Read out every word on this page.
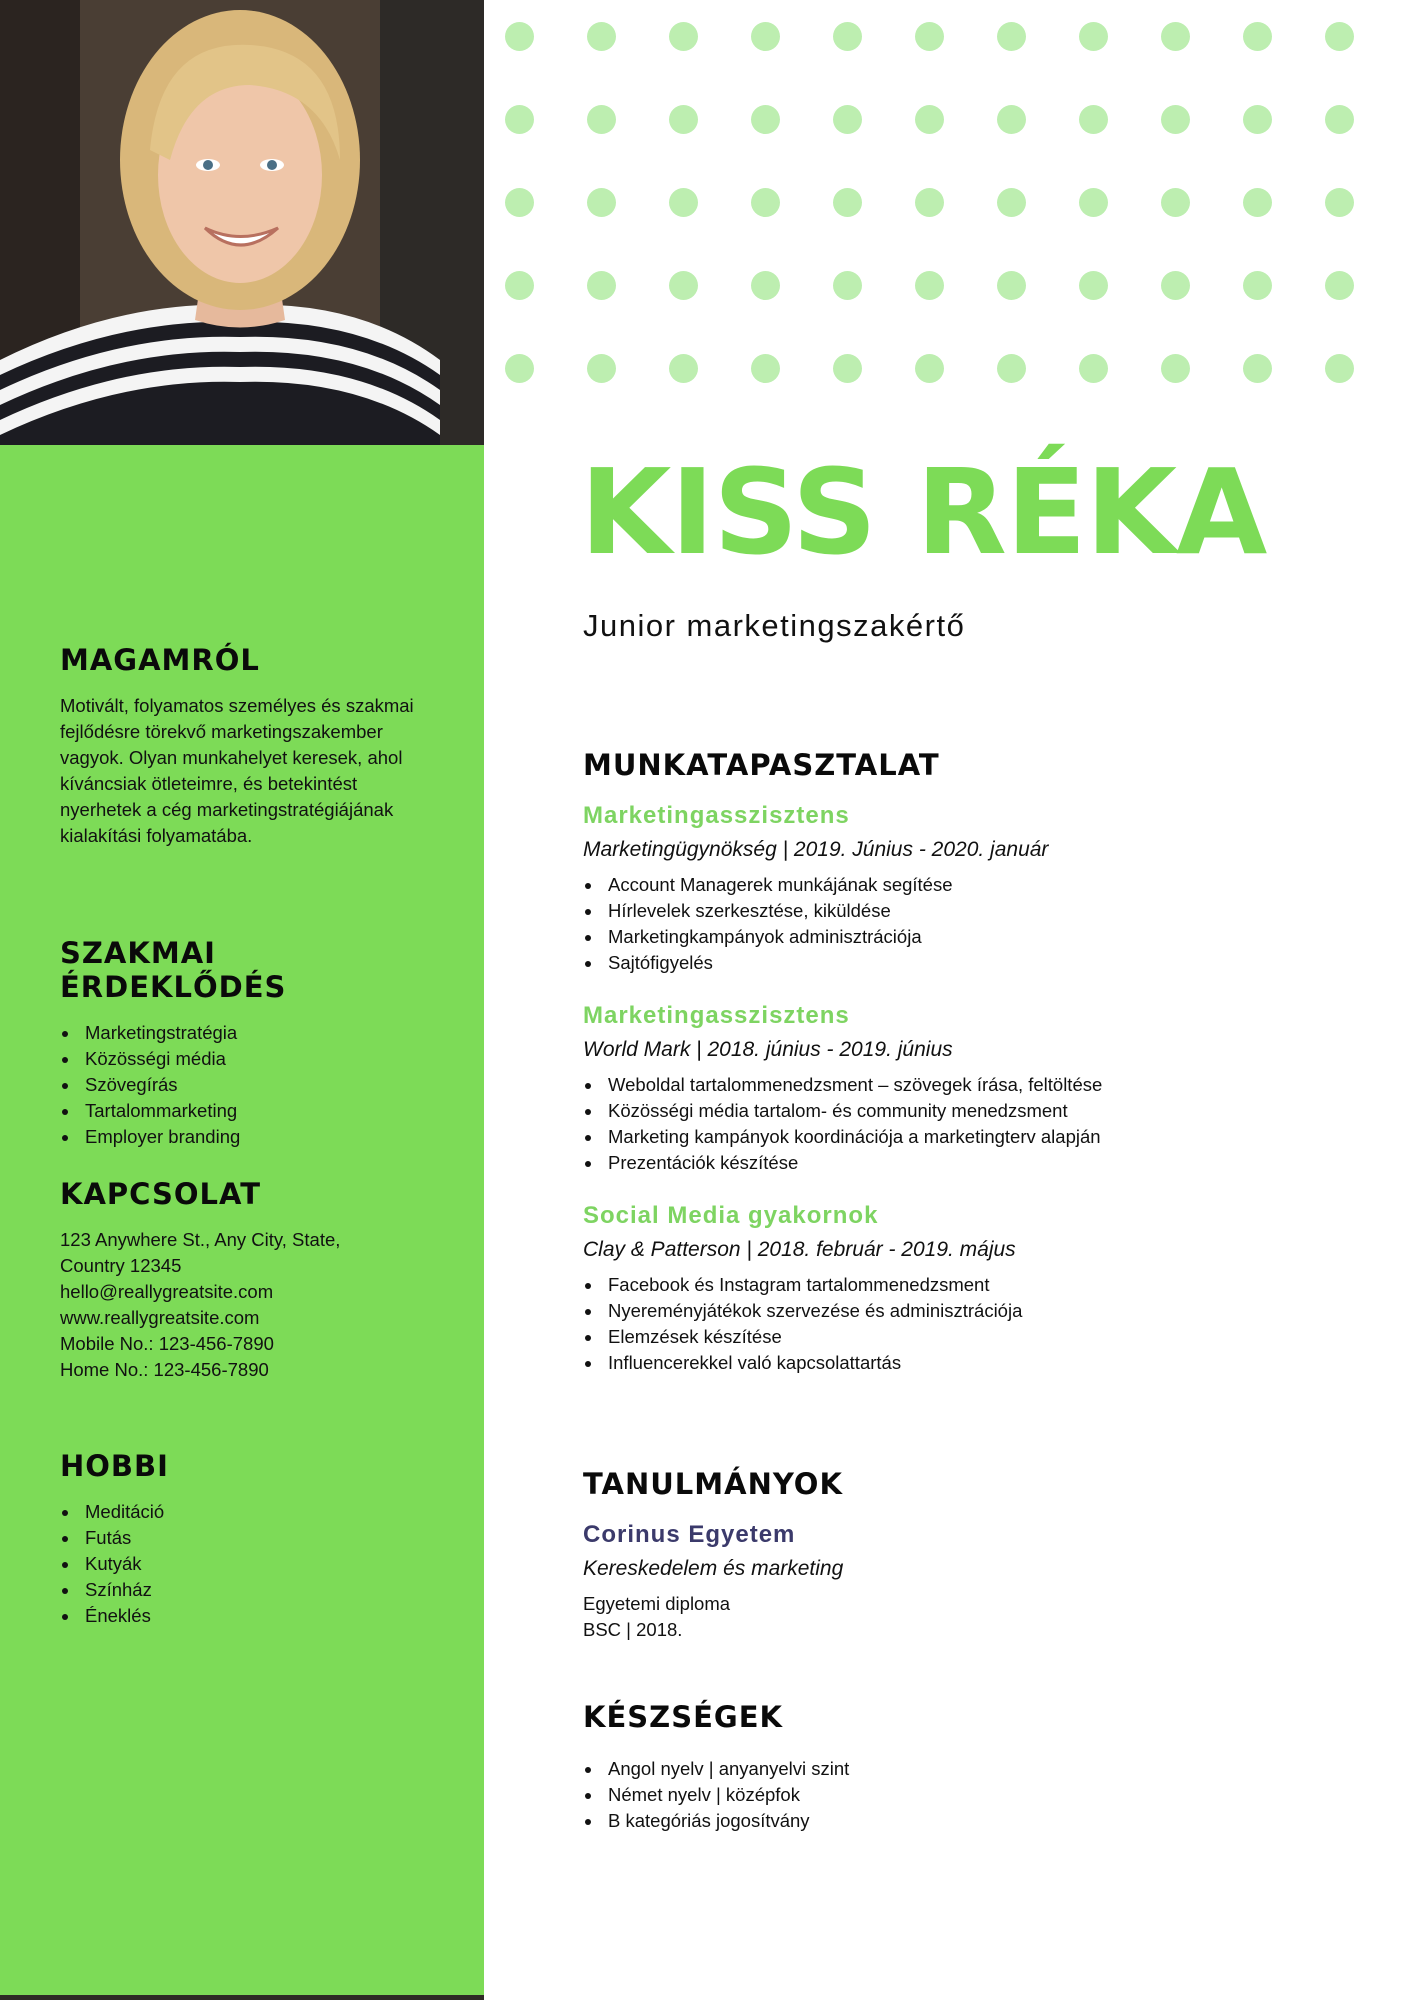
MAGAMRÓL

Motivált, folyamatos személyes és szakmai fejlődésre törekvő marketingszakember vagyok. Olyan munkahelyet keresek, ahol kíváncsiak ötleteimre, és betekintést nyerhetek a cég marketingstratégiájának kialakítási folyamatába.

SZAKMAI ÉRDEKLŐDÉS
Marketingstratégia
Közösségi média
Szövegírás
Tartalommarketing
Employer branding
KAPCSOLAT

123 Anywhere St., Any City, State,

Country 12345

hello@reallygreatsite.com

www.reallygreatsite.com

Mobile No.: 123-456-7890

Home No.: 123-456-7890

HOBBI
Meditáció
Futás
Kutyák
Színház
Éneklés
KISS RÉKA
Junior marketingszakértő
MUNKATAPASZTALAT

Marketingasszisztens

Marketingügynökség | 2019. Június - 2020. január

Account Managerek munkájának segítése
Hírlevelek szerkesztése, kiküldése
Marketingkampányok adminisztrációja
Sajtófigyelés

Marketingasszisztens

World Mark | 2018. június - 2019. június

Weboldal tartalommenedzsment – szövegek írása, feltöltése
Közösségi média tartalom- és community menedzsment
Marketing kampányok koordinációja a marketingterv alapján
Prezentációk készítése

Social Media gyakornok

Clay & Patterson | 2018. február - 2019. május

Facebook és Instagram tartalommenedzsment
Nyereményjátékok szervezése és adminisztrációja
Elemzések készítése
Influencerekkel való kapcsolattartás
TANULMÁNYOK

Corinus Egyetem

Kereskedelem és marketing

Egyetemi diploma

BSC | 2018.

KÉSZSÉGEK
Angol nyelv | anyanyelvi szint
Német nyelv | középfok
B kategóriás jogosítvány
